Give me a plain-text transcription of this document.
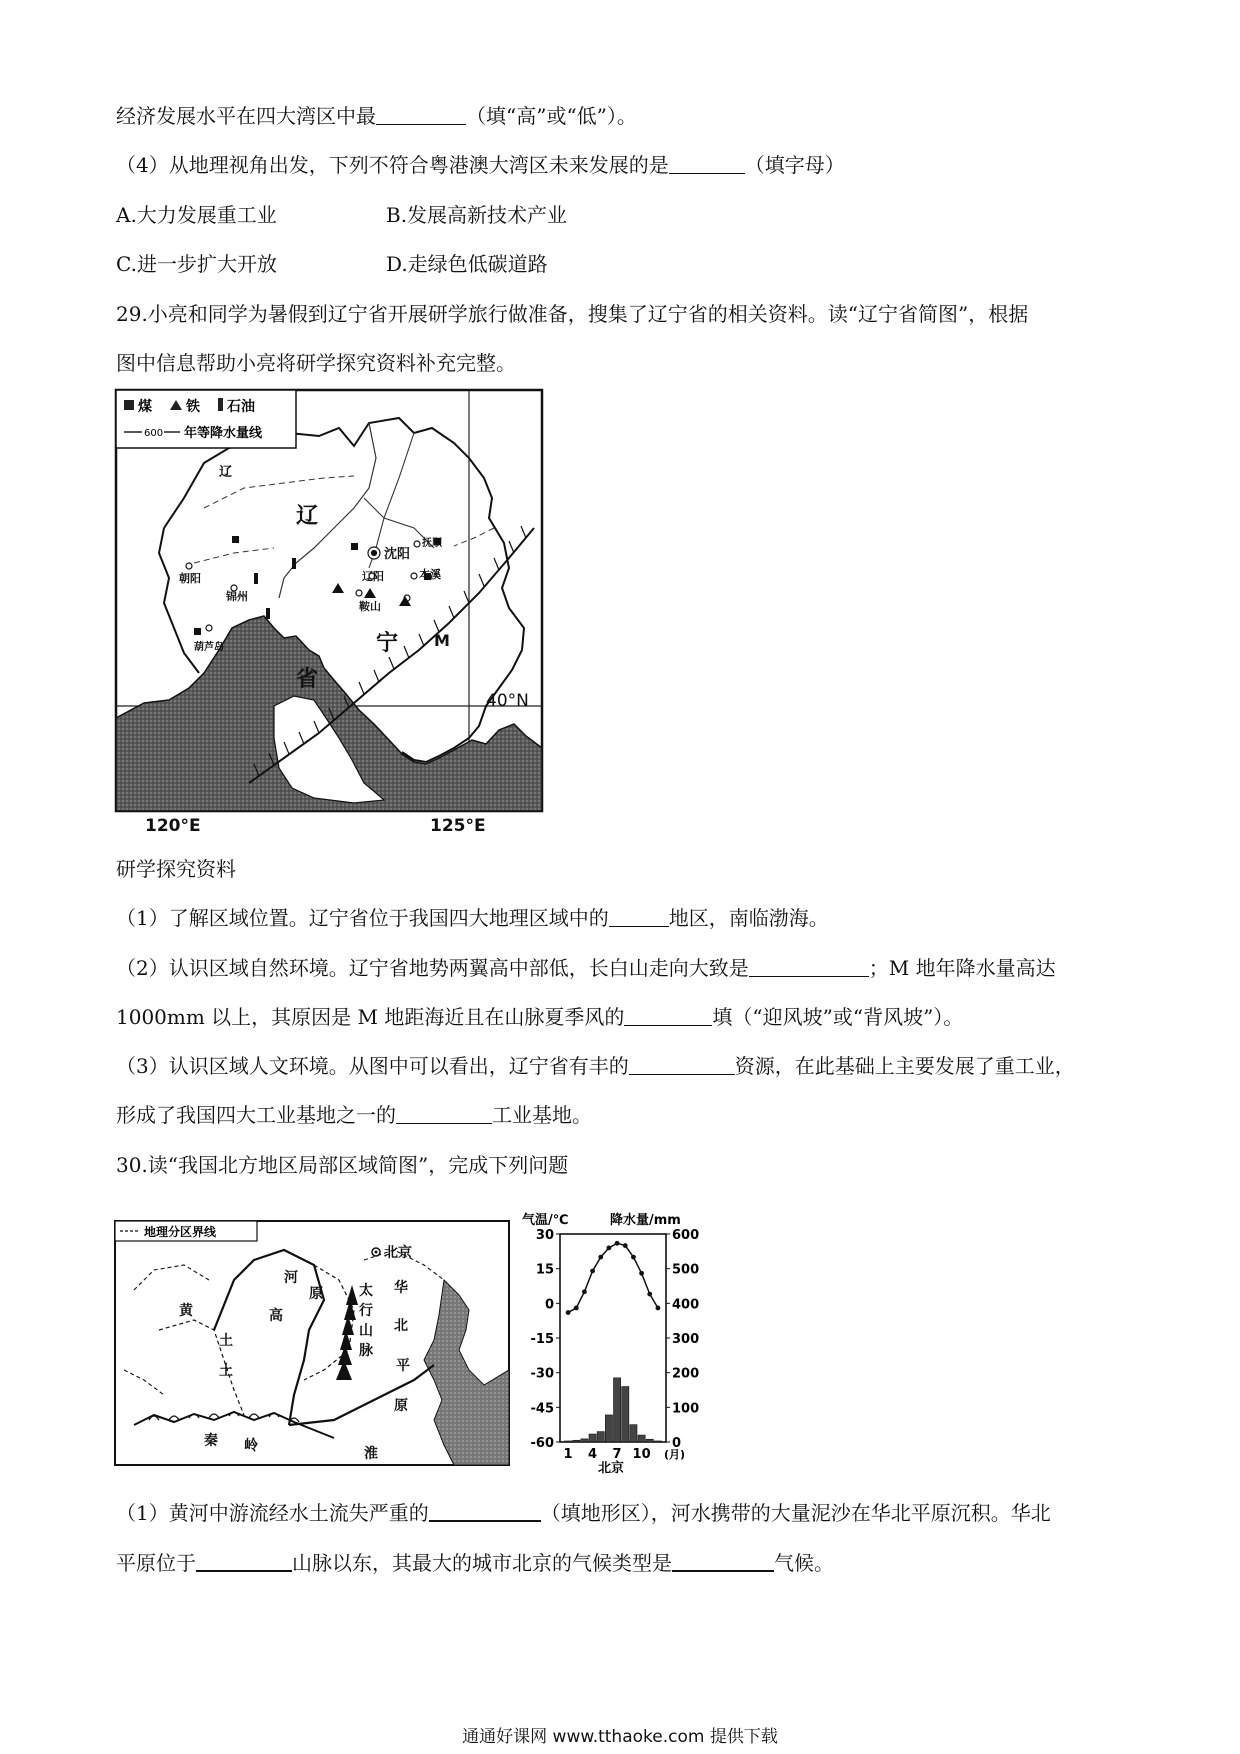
经济发展水平在四大湾区中最	（填“高”或“低”）。
（4）从地理视角出发，下列不符合粤港澳大湾区未来发展的是	（填字母）
A.大力发展重工业	B.发展高新技术产业
C.进一步扩大开放	D.走绿色低碳道路
29.小亮和同学为暑假到辽宁省开展研学旅行做准备，搜集了辽宁省的相关资料。读“辽宁省简图”，根据
图中信息帮助小亮将研学探究资料补充完整。
煤 铁 石油
600 年等降水量线
辽
宁
省
辽
沈阳
抚顺
本溪
辽阳
鞍山
锦州
朝阳
葫芦岛	M
40°N
120°E	125°E
研学探究资料
（1）了解区域位置。辽宁省位于我国四大地理区域中的	地区，南临渤海。
（2）认识区域自然环境。辽宁省地势两翼高中部低，长白山走向大致是	；M 地年降水量高达
1000mm 以上，其原因是 M 地距海近且在山脉夏季风的	填（“迎风坡”或“背风坡”）。
（3）认识区域人文环境。从图中可以看出，辽宁省有丰的	资源，在此基础上主要发展了重工业，
形成了我国四大工业基地之一的	工业基地。
30.读“我国北方地区局部区域简图”，完成下列问题
地理分区界线
北京
河
黄
土
高
原	太
行
山
脉
华
北
平
原
秦 岭	淮
土
气温/℃	降水量/mm
30
15
0
-15
-30
-45
-60
600
500
400
300
200
100
0
1 4 7 10 (月)
北京
（1）黄河中游流经水土流失严重的	（填地形区），河水携带的大量泥沙在华北平原沉积。华北
平原位于	山脉以东，其最大的城市北京的气候类型是	气候。
通通好课网 www.tthaoke.com 提供下载
